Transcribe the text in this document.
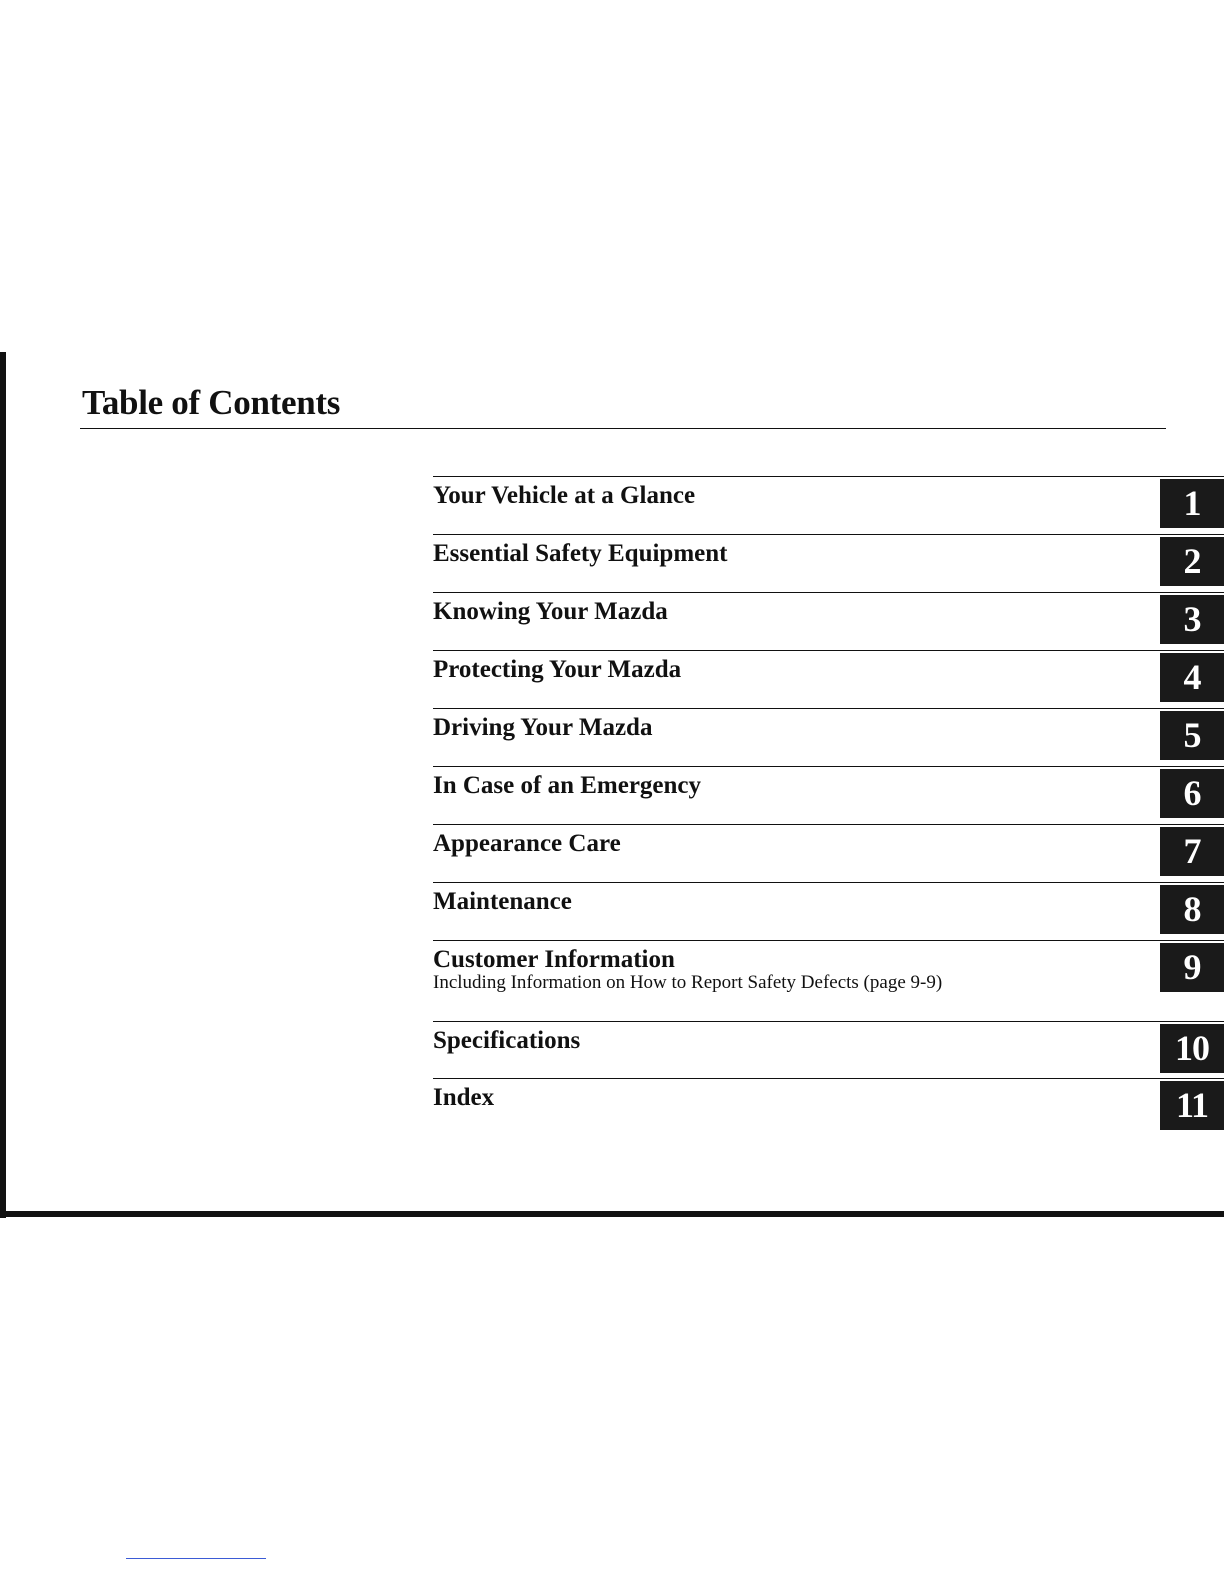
Table of Contents
Your Vehicle at a Glance	1
Essential Safety Equipment	2
Knowing Your Mazda	3
Protecting Your Mazda	4
Driving Your Mazda	5
In Case of an Emergency	6
Appearance Care	7
Maintenance	8
Customer Information
Including Information on How to Report Safety Defects (page 9-9)	9
Specifications	10
Index	11
